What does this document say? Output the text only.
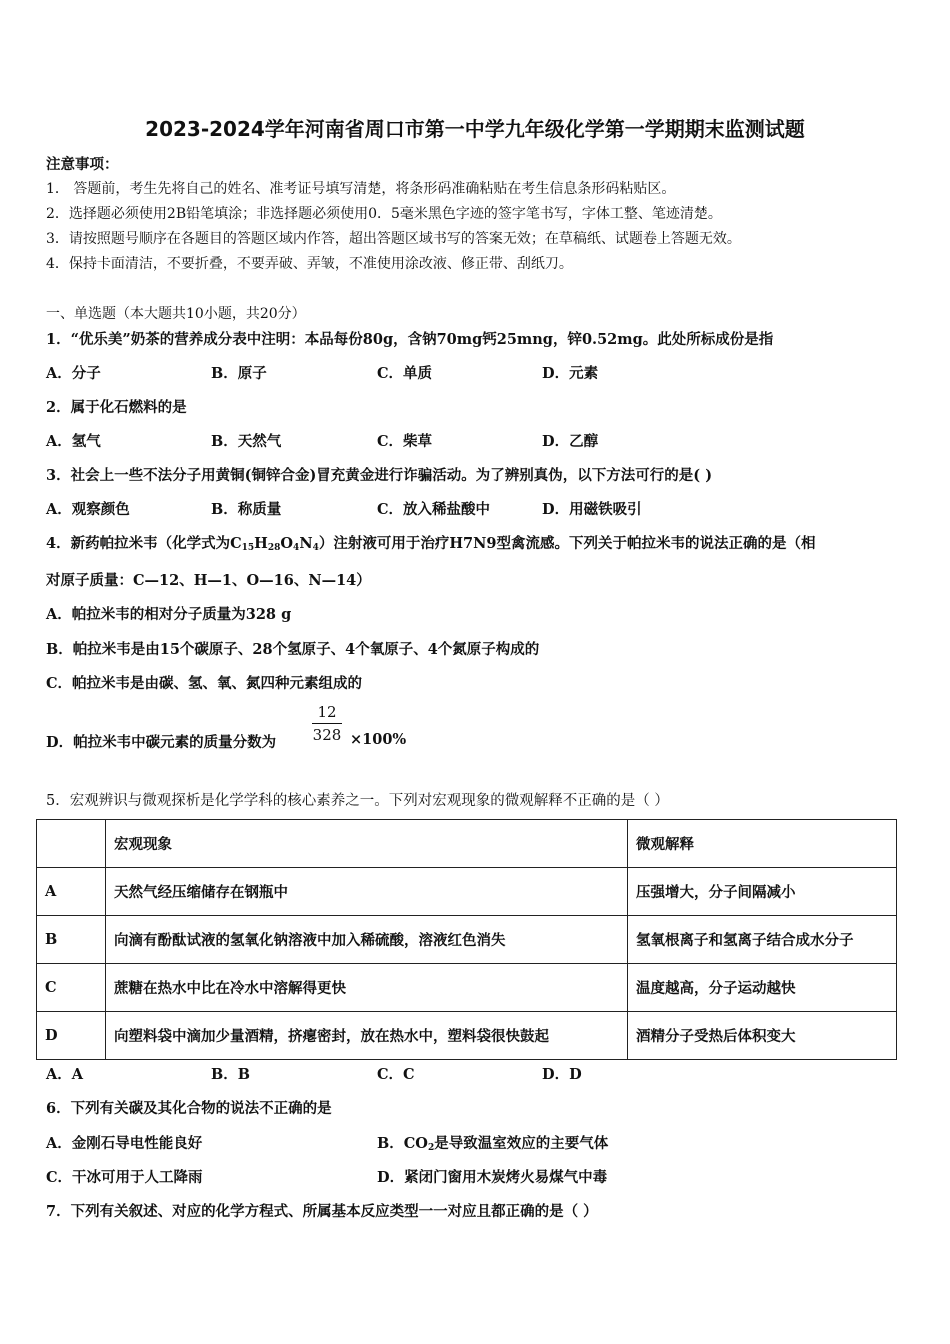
2023-2024学年河南省周口市第一中学九年级化学第一学期期末监测试题
注意事项：
1． 答题前，考生先将自己的姓名、准考证号填写清楚，将条形码准确粘贴在考生信息条形码粘贴区。
2．选择题必须使用2B铅笔填涂；非选择题必须使用0．5毫米黑色字迹的签字笔书写，字体工整、笔迹清楚。
3．请按照题号顺序在各题目的答题区域内作答，超出答题区域书写的答案无效；在草稿纸、试题卷上答题无效。
4．保持卡面清洁，不要折叠，不要弄破、弄皱，不准使用涂改液、修正带、刮纸刀。
一、单选题（本大题共10小题，共20分）
1．“优乐美”奶茶的营养成分表中注明：本品每份80g，含钠70mg钙25mng，锌0.52mg。此处所标成份是指
A．分子	B．原子	C．单质	D．元素
2．属于化石燃料的是
A．氢气	B．天然气	C．柴草	D．乙醇
3．社会上一些不法分子用黄铜(铜锌合金)冒充黄金进行诈骗活动。为了辨别真伪，以下方法可行的是( )
A．观察颜色	B．称质量	C．放入稀盐酸中	D．用磁铁吸引
4．新药帕拉米韦（化学式为$C_{15}H_{28}O_4N_4$）注射液可用于治疗H7N9型禽流感。下列关于帕拉米韦的说法正确的是（相
对原子质量：C—12、H—1、O—16、N—14）
A．帕拉米韦的相对分子质量为328 g
B．帕拉米韦是由15个碳原子、28个氢原子、4个氧原子、4个氮原子构成的
C．帕拉米韦是由碳、氢、氧、氮四种元素组成的
D．帕拉米韦中碳元素的质量分数为 $\frac{12}{328} \times 100\%$
5．宏观辨识与微观探析是化学学科的核心素养之一。下列对宏观现象的微观解释不正确的是（ ）
	宏观现象	微观解释
A	天然气经压缩储存在钢瓶中	压强增大，分子间隔减小
B	向滴有酚酞试液的氢氧化钠溶液中加入稀硫酸，溶液红色消失	氢氧根离子和氢离子结合成水分子
C	蔗糖在热水中比在冷水中溶解得更快	温度越高，分子运动越快
D	向塑料袋中滴加少量酒精，挤瘪密封，放在热水中，塑料袋很快鼓起	酒精分子受热后体积变大
A．A	B．B	C．C	D．D
6．下列有关碳及其化合物的说法不正确的是
A．金刚石导电性能良好	B．$CO_2$是导致温室效应的主要气体
C．干冰可用于人工降雨	D．紧闭门窗用木炭烤火易煤气中毒
7．下列有关叙述、对应的化学方程式、所属基本反应类型一一对应且都正确的是（ ）
